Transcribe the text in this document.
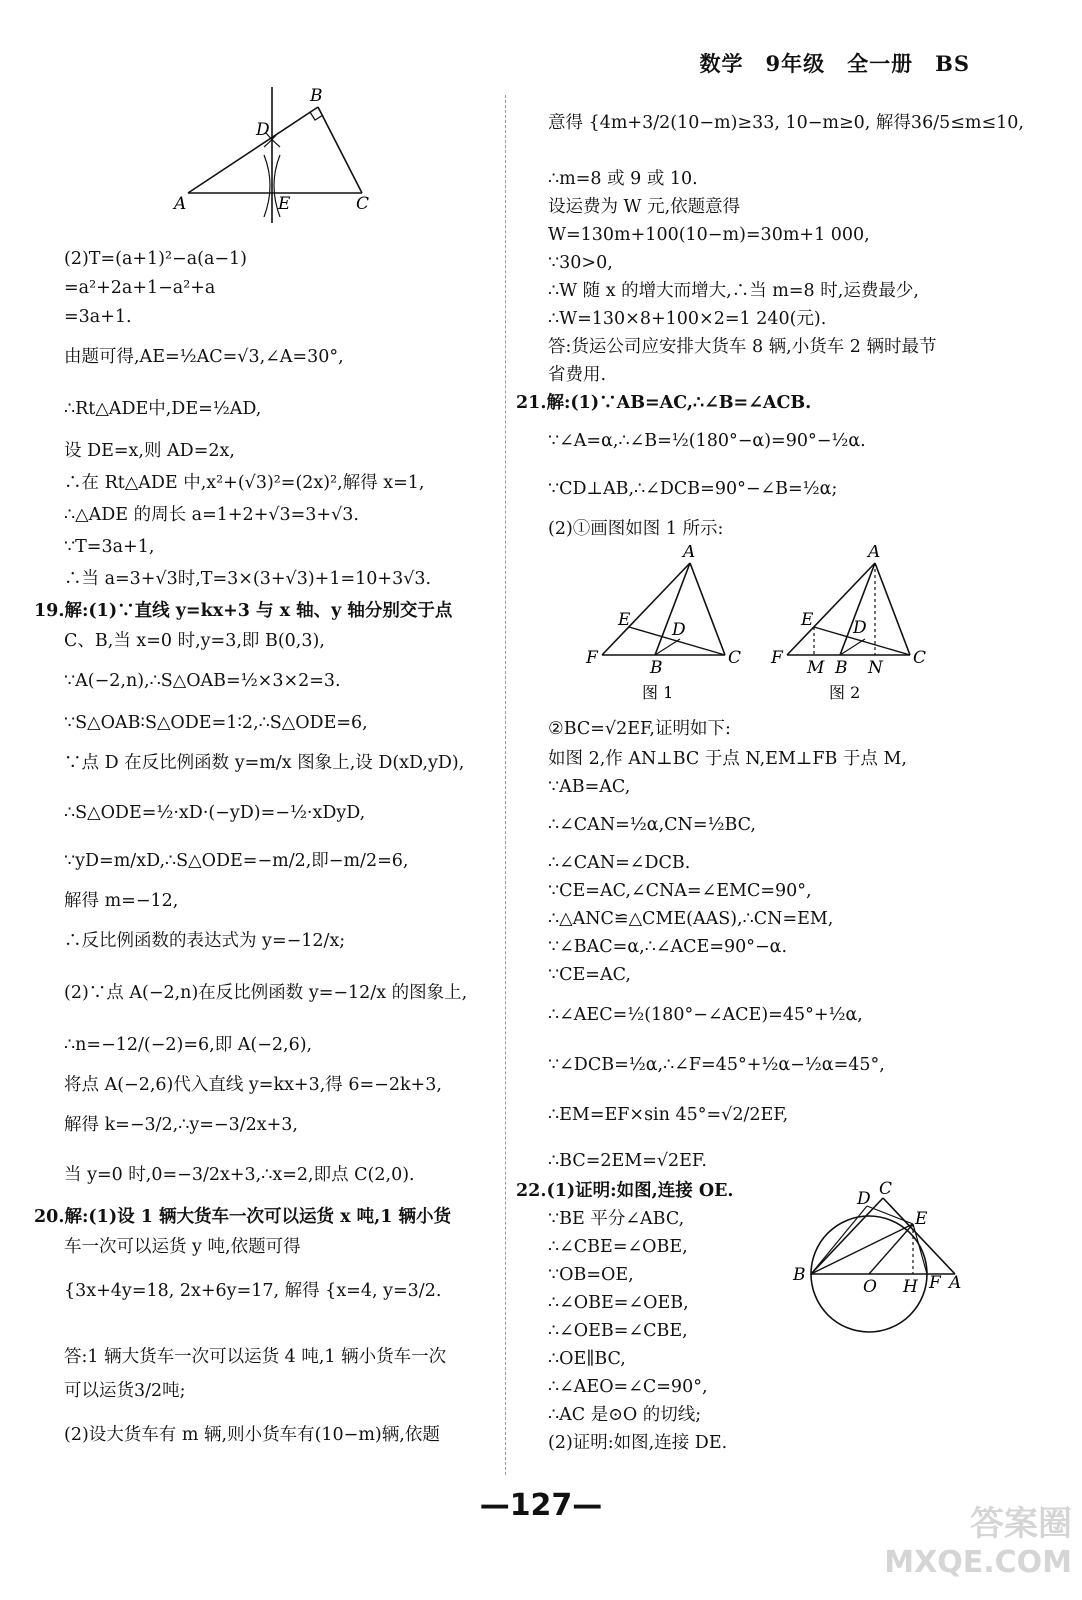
数学　9年级　全一册　BS
A
B
D
E	C
(2)T=(a+1)²−a(a−1)
=a²+2a+1−a²+a
=3a+1.
由题可得,AE=½AC=√3,∠A=30°,
∴Rt△ADE中,DE=½AD,
设 DE=x,则 AD=2x,
∴在 Rt△ADE 中,x²+(√3)²=(2x)²,解得 x=1,
∴△ADE 的周长 a=1+2+√3=3+√3.
∵T=3a+1,
∴当 a=3+√3时,T=3×(3+√3)+1=10+3√3.
19.解:(1)∵直线 y=kx+3 与 x 轴、y 轴分别交于点
C、B,当 x=0 时,y=3,即 B(0,3),
∵A(−2,n),∴S△OAB=½×3×2=3.
∵S△OAB∶S△ODE=1∶2,∴S△ODE=6,
∵点 D 在反比例函数 y=m/x 图象上,设 D(xD,yD),
∴S△ODE=½·xD·(−yD)=−½·xDyD,
∵yD=m/xD,∴S△ODE=−m/2,即−m/2=6,
解得 m=−12,
∴反比例函数的表达式为 y=−12/x;
(2)∵点 A(−2,n)在反比例函数 y=−12/x 的图象上,
∴n=−12/(−2)=6,即 A(−2,6),
将点 A(−2,6)代入直线 y=kx+3,得 6=−2k+3,
解得 k=−3/2,∴y=−3/2x+3,
当 y=0 时,0=−3/2x+3,∴x=2,即点 C(2,0).
20.解:(1)设 1 辆大货车一次可以运货 x 吨,1 辆小货
车一次可以运货 y 吨,依题可得
{3x+4y=18, 2x+6y=17, 解得 {x=4, y=3/2.
答:1 辆大货车一次可以运货 4 吨,1 辆小货车一次
可以运货3/2吨;
(2)设大货车有 m 辆,则小货车有(10−m)辆,依题
意得 {4m+3/2(10−m)≥33, 10−m≥0, 解得36/5≤m≤10,
∴m=8 或 9 或 10.
设运费为 W 元,依题意得
W=130m+100(10−m)=30m+1 000,
∵30>0,
∴W 随 x 的增大而增大,∴当 m=8 时,运费最少,
∴W=130×8+100×2=1 240(元).
答:货运公司应安排大货车 8 辆,小货车 2 辆时最节
省费用.
21.解:(1)∵AB=AC,∴∠B=∠ACB.
∵∠A=α,∴∠B=½(180°−α)=90°−½α.
∵CD⊥AB,∴∠DCB=90°−∠B=½α;
(2)①画图如图 1 所示:
②BC=√2EF,证明如下:
如图 2,作 AN⊥BC 于点 N,EM⊥FB 于点 M,
∵AB=AC,
∴∠CAN=½α,CN=½BC,
∴∠CAN=∠DCB.
∵CE=AC,∠CNA=∠EMC=90°,
∴△ANC≌△CME(AAS),∴CN=EM,
∵∠BAC=α,∴∠ACE=90°−α.
∵CE=AC,
∴∠AEC=½(180°−∠ACE)=45°+½α,
∵∠DCB=½α,∴∠F=45°+½α−½α=45°,
∴EM=EF×sin 45°=√2/2EF,
∴BC=2EM=√2EF.
22.(1)证明:如图,连接 OE.
∵BE 平分∠ABC,
∴∠CBE=∠OBE,
∵OB=OE,
∴∠OBE=∠OEB,
∴∠OEB=∠CBE,
∴OE∥BC,
∴∠AEO=∠C=90°,
∴AC 是⊙O 的切线;
(2)证明:如图,连接 DE.
A
E D
F	B	C
图 1
A
E D
F M B N C
图 2
D C
E
B
O H F A
—127—	答案圈
MXQE.COM
